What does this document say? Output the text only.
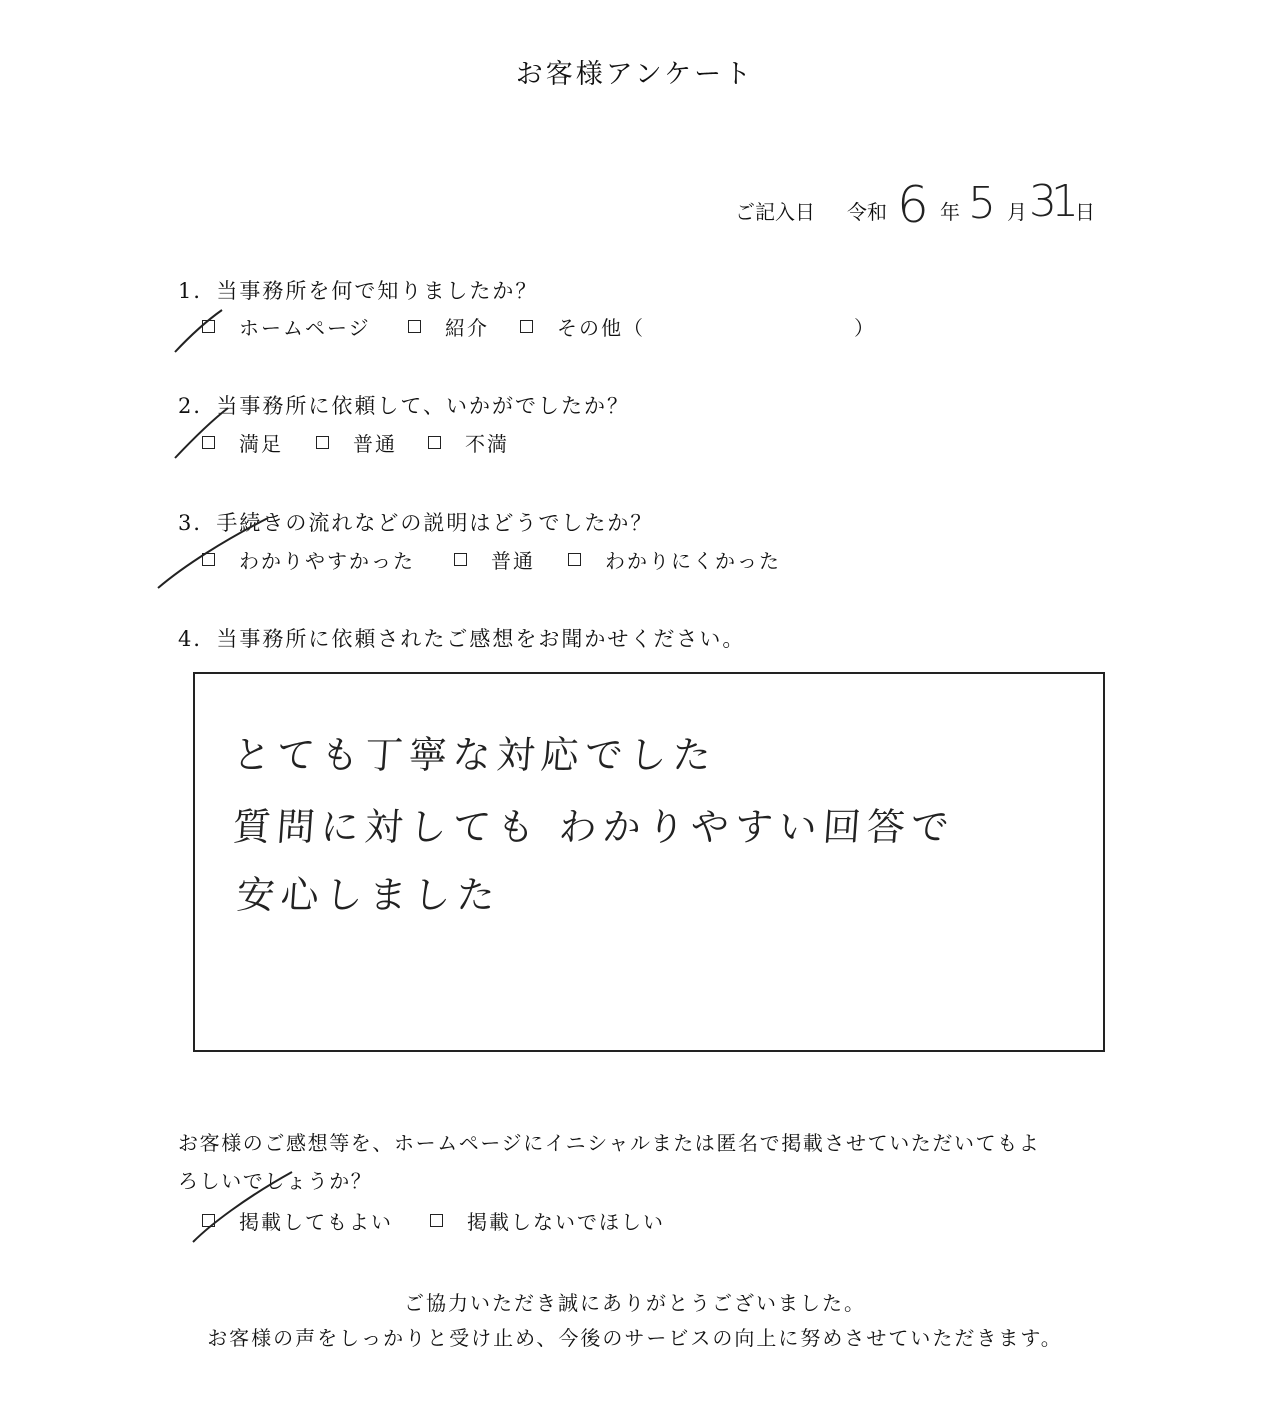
お客様アンケート
ご記入日 令和 6 年 5 月 31 日
1．当事務所を何で知りましたか？
ホームページ	紹介	その他（	）
2．当事務所に依頼して、いかがでしたか？
満足	普通	不満
3．手続きの流れなどの説明はどうでしたか？
わかりやすかった	普通	わかりにくかった
4．当事務所に依頼されたご感想をお聞かせください。
とても丁寧な対応でした
質問に対しても わかりやすい回答で
安心しました
お客様のご感想等を、ホームページにイニシャルまたは匿名で掲載させていただいてもよ
ろしいでしょうか？
掲載してもよい	掲載しないでほしい
ご協力いただき誠にありがとうございました。
お客様の声をしっかりと受け止め、今後のサービスの向上に努めさせていただきます。
